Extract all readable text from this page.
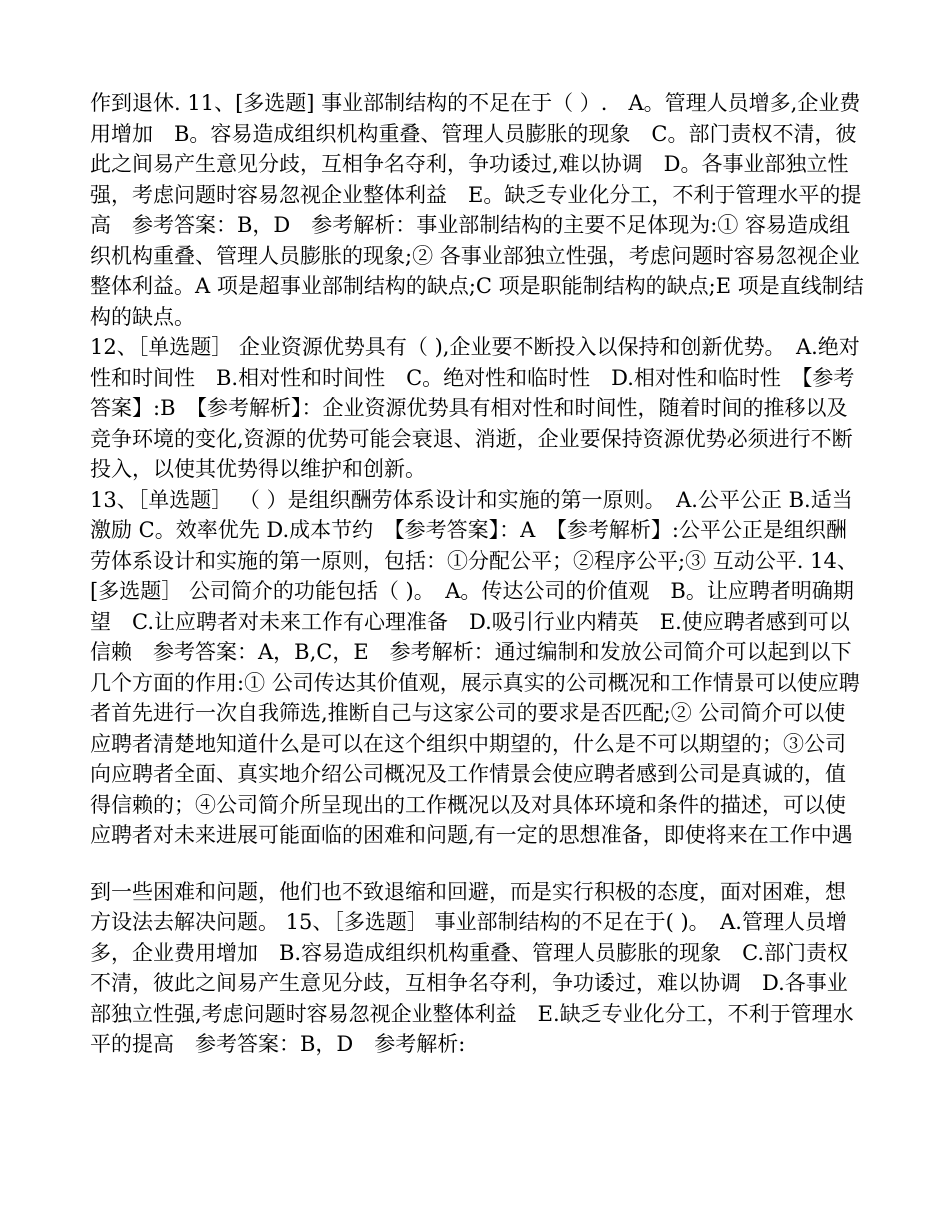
作到退休. 11、[多选题] 事业部制结构的不足在于（ ）.　A。管理人员增多,企业费用增加　B。容易造成组织机构重叠、管理人员膨胀的现象　C。部门责权不清，彼此之间易产生意见分歧，互相争名夺利，争功诿过,难以协调　D。各事业部独立性强，考虑问题时容易忽视企业整体利益　E。缺乏专业化分工，不利于管理水平的提高　参考答案：B，D　参考解析：事业部制结构的主要不足体现为:① 容易造成组织机构重叠、管理人员膨胀的现象;② 各事业部独立性强，考虑问题时容易忽视企业整体利益。A 项是超事业部制结构的缺点;C 项是职能制结构的缺点;E 项是直线制结构的缺点。

12、［单选题］ 企业资源优势具有（ ),企业要不断投入以保持和创新优势。　A.绝对性和时间性　B.相对性和时间性　C。绝对性和临时性　D.相对性和临时性　【参考答案】:B　【参考解析】：企业资源优势具有相对性和时间性，随着时间的推移以及竞争环境的变化,资源的优势可能会衰退、消逝，企业要保持资源优势必须进行不断投入，以使其优势得以维护和创新。

13、［单选题］ （ ）是组织酬劳体系设计和实施的第一原则。　A.公平公正 B.适当激励 C。效率优先 D.成本节约　【参考答案】：A　【参考解析】:公平公正是组织酬劳体系设计和实施的第一原则，包括：①分配公平；②程序公平;③ 互动公平. 14、[多选题］ 公司简介的功能包括（ )。　A。传达公司的价值观　B。让应聘者明确期望　C.让应聘者对未来工作有心理准备　D.吸引行业内精英　E.使应聘者感到可以信赖　参考答案：A，B,C，E　参考解析：通过编制和发放公司简介可以起到以下几个方面的作用:① 公司传达其价值观，展示真实的公司概况和工作情景可以使应聘者首先进行一次自我筛选,推断自己与这家公司的要求是否匹配;② 公司简介可以使应聘者清楚地知道什么是可以在这个组织中期望的，什么是不可以期望的；③公司向应聘者全面、真实地介绍公司概况及工作情景会使应聘者感到公司是真诚的，值得信赖的；④公司简介所呈现出的工作概况以及对具体环境和条件的描述，可以使应聘者对未来进展可能面临的困难和问题,有一定的思想准备，即使将来在工作中遇

到一些困难和问题，他们也不致退缩和回避，而是实行积极的态度，面对困难，想方设法去解决问题。 15、［多选题］ 事业部制结构的不足在于( )。　A.管理人员增多，企业费用增加　B.容易造成组织机构重叠、管理人员膨胀的现象　C.部门责权不清，彼此之间易产生意见分歧，互相争名夺利，争功诿过，难以协调　D.各事业部独立性强,考虑问题时容易忽视企业整体利益　E.缺乏专业化分工，不利于管理水平的提高　参考答案：B，D　参考解析:
